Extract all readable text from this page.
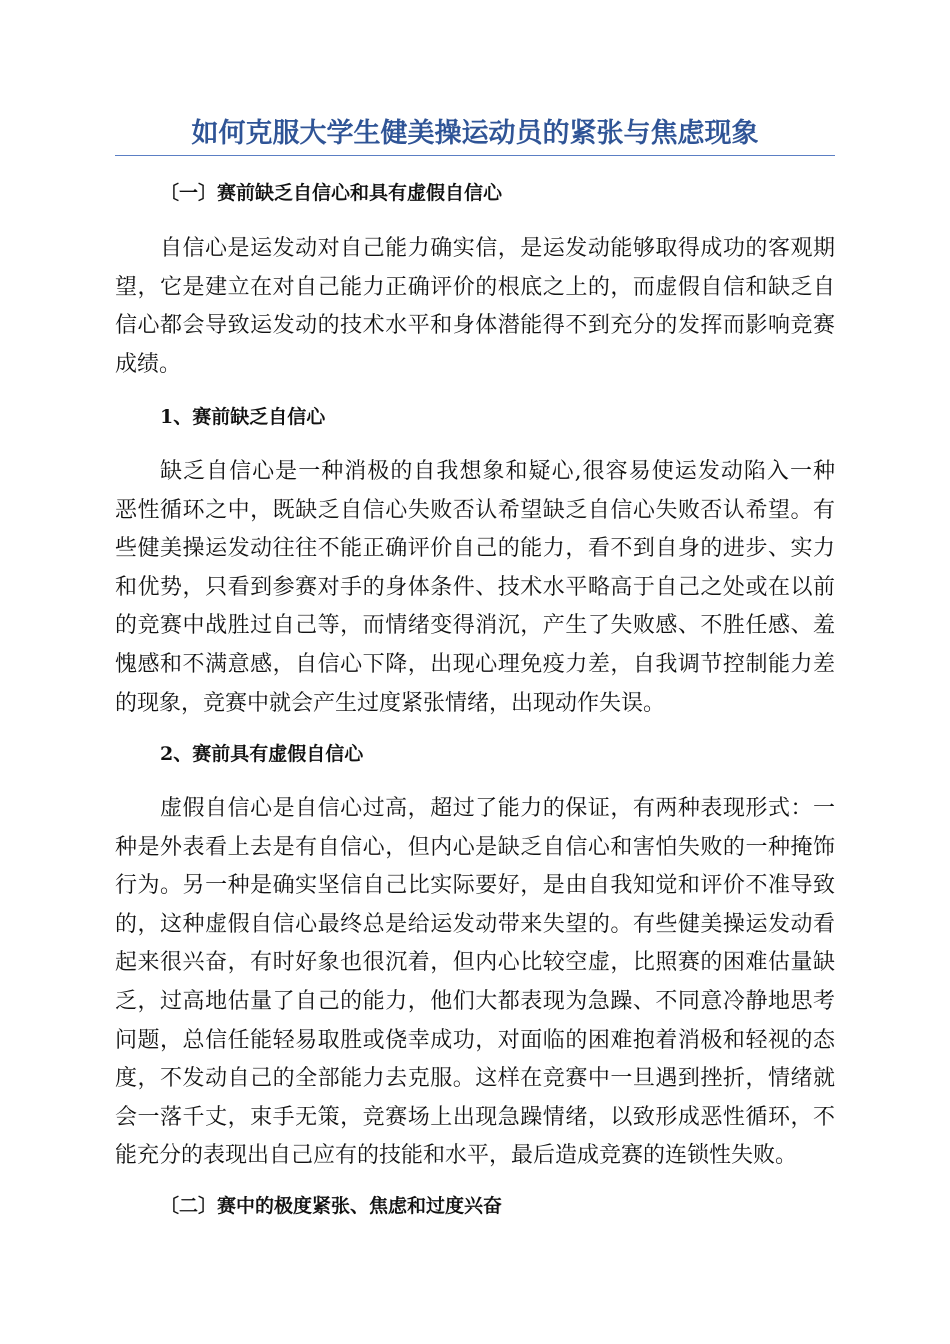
如何克服大学生健美操运动员的紧张与焦虑现象
〔一〕赛前缺乏自信心和具有虚假自信心

自信心是运发动对自己能力确实信，是运发动能够取得成功的客观期
望，它是建立在对自己能力正确评价的根底之上的，而虚假自信和缺乏自
信心都会导致运发动的技术水平和身体潜能得不到充分的发挥而影响竞赛
成绩。

1、赛前缺乏自信心

缺乏自信心是一种消极的自我想象和疑心,很容易使运发动陷入一种
恶性循环之中，既缺乏自信心失败否认希望缺乏自信心失败否认希望。有
些健美操运发动往往不能正确评价自己的能力，看不到自身的进步、实力
和优势，只看到参赛对手的身体条件、技术水平略高于自己之处或在以前
的竞赛中战胜过自己等，而情绪变得消沉，产生了失败感、不胜任感、羞
愧感和不满意感，自信心下降，出现心理免疫力差，自我调节控制能力差
的现象，竞赛中就会产生过度紧张情绪，出现动作失误。

2、赛前具有虚假自信心

虚假自信心是自信心过高，超过了能力的保证，有两种表现形式：一
种是外表看上去是有自信心，但内心是缺乏自信心和害怕失败的一种掩饰
行为。另一种是确实坚信自己比实际要好，是由自我知觉和评价不准导致
的，这种虚假自信心最终总是给运发动带来失望的。有些健美操运发动看
起来很兴奋，有时好象也很沉着，但内心比较空虚，比照赛的困难估量缺
乏，过高地估量了自己的能力，他们大都表现为急躁、不同意冷静地思考
问题，总信任能轻易取胜或侥幸成功，对面临的困难抱着消极和轻视的态
度，不发动自己的全部能力去克服。这样在竞赛中一旦遇到挫折，情绪就
会一落千丈，束手无策，竞赛场上出现急躁情绪，以致形成恶性循环，不
能充分的表现出自己应有的技能和水平，最后造成竞赛的连锁性失败。

〔二〕赛中的极度紧张、焦虑和过度兴奋
